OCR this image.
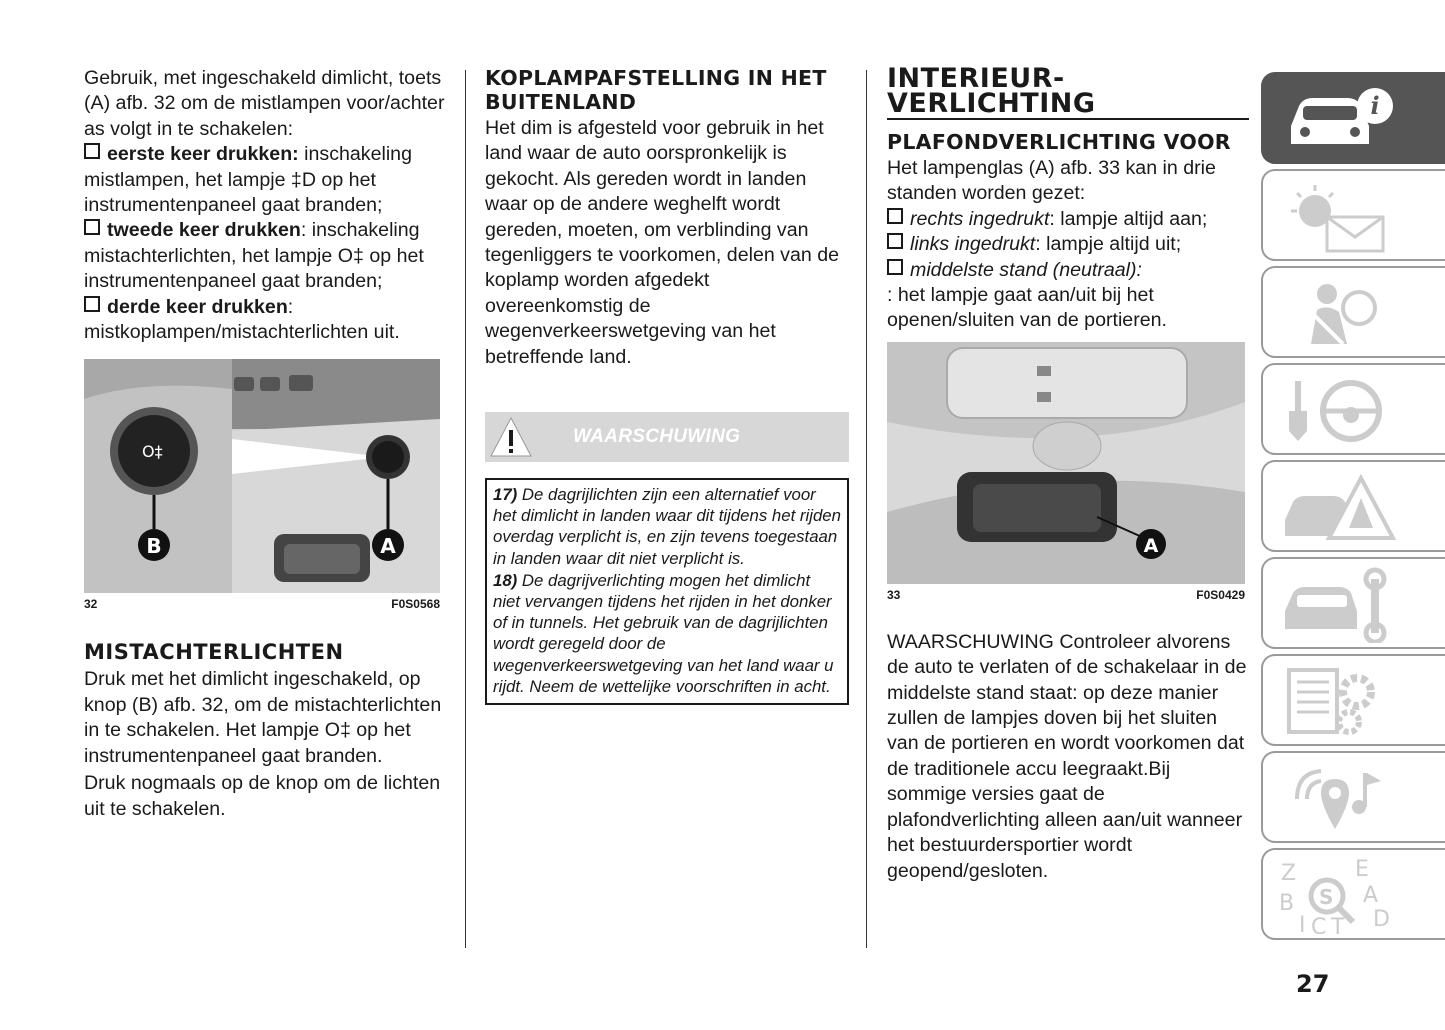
Gebruik, met ingeschakeld dimlicht, toets (A) afb. 32 om de mistlampen voor/achter as volgt in te schakelen:

eerste keer drukken: inschakeling mistlampen, het lampje ‡D op het instrumentenpaneel gaat branden;

tweede keer drukken: inschakeling mistachterlichten, het lampje O‡ op het instrumentenpaneel gaat branden;

derde keer drukken: mistkoplampen/mistachterlichten uit.

O‡
B	A
32	F0S0568
MISTACHTERLICHTEN

Druk met het dimlicht ingeschakeld, op knop (B) afb. 32, om de mistachterlichten in te schakelen. Het lampje O‡ op het instrumentenpaneel gaat branden.

Druk nogmaals op de knop om de lichten uit te schakelen.

KOPLAMPAFSTELLING IN HET BUITENLAND
Het dim is afgesteld voor gebruik in het land waar de auto oorspronkelijk is gekocht. Als gereden wordt in landen waar op de andere weghelft wordt gereden, moeten, om verblinding van tegenliggers te voorkomen, delen van de koplamp worden afgedekt overeenkomstig de wegenverkeerswetgeving van het betreffende land.
WAARSCHUWING

17) De dagrijlichten zijn een alternatief voor het dimlicht in landen waar dit tijdens het rijden overdag verplicht is, en zijn tevens toegestaan in landen waar dit niet verplicht is.

18) De dagrijverlichting mogen het dimlicht niet vervangen tijdens het rijden in het donker of in tunnels. Het gebruik van de dagrijlichten wordt geregeld door de wegenverkeerswetgeving van het land waar u rijdt. Neem de wettelijke voorschriften in acht.

INTERIEUR-VERLICHTING
PLAFONDVERLICHTING VOOR

Het lampenglas (A) afb. 33 kan in drie standen worden gezet:

rechts ingedrukt: lampje altijd aan;

links ingedrukt: lampje altijd uit;

middelste stand (neutraal):

: het lampje gaat aan/uit bij het openen/sluiten van de portieren.

A
33	F0S0429
WAARSCHUWING Controleer alvorens de auto te verlaten of de schakelaar in de middelste stand staat: op deze manier zullen de lampjes doven bij het sluiten van de portieren en wordt voorkomen dat de traditionele accu leegraakt.Bij sommige versies gaat de plafondverlichting alleen aan/uit wanneer het bestuurdersportier wordt geopend/gesloten.
i
Z	E
B	A
I C T D
S
27
